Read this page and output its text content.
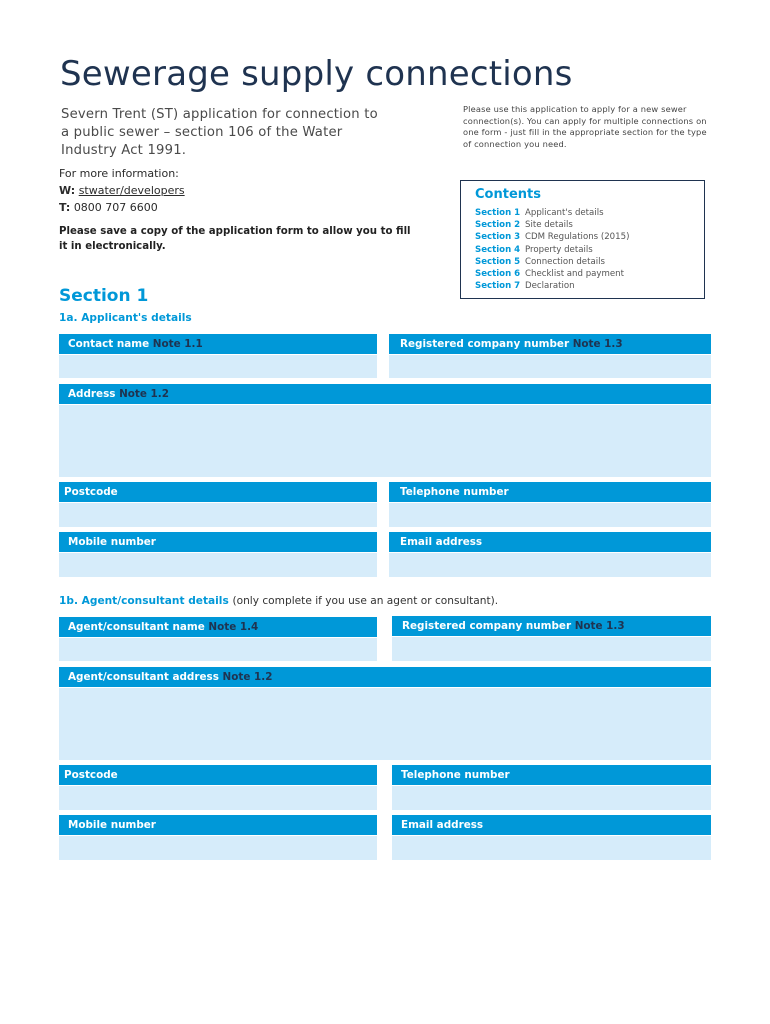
Sewerage supply connections
Severn Trent (ST) application for connection to a public sewer – section 106 of the Water Industry Act 1991.
Please use this application to apply for a new sewer connection(s). You can apply for multiple connections on one form - just fill in the appropriate section for the type of connection you need.
For more information:
W: stwater/developers
T: 0800 707 6600
Please save a copy of the application form to allow you to fill it in electronically.
Contents
Section 1 Applicant's details
Section 2 Site details
Section 3 CDM Regulations (2015)
Section 4 Property details
Section 5 Connection details
Section 6 Checklist and payment
Section 7 Declaration
Section 1
1a. Applicant's details
Contact name Note 1.1	Registered company number Note 1.3
Address Note 1.2
Postcode	Telephone number
Mobile number	Email address
1b. Agent/consultant details (only complete if you use an agent or consultant).
Agent/consultant name Note 1.4	Registered company number Note 1.3
Agent/consultant address Note 1.2
Postcode	Telephone number
Mobile number	Email address
